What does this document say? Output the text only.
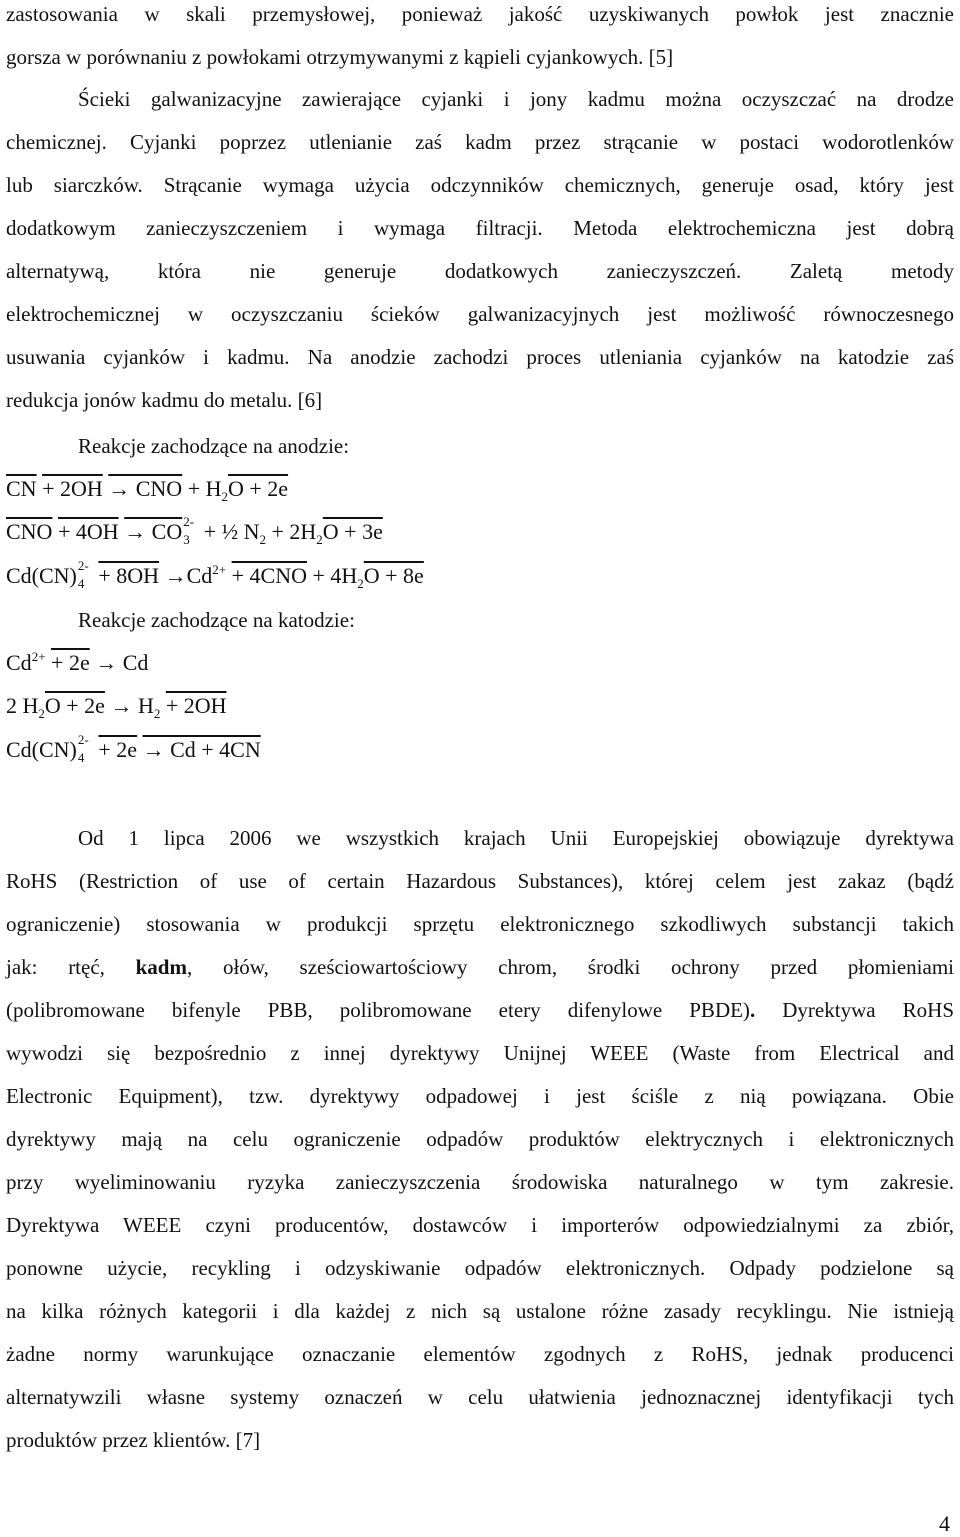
zastosowania w skali przemysłowej, ponieważ jakość uzyskiwanych powłok jest znacznie
gorsza w porównaniu z powłokami otrzymywanymi z kąpieli cyjankowych. [5]
Ścieki galwanizacyjne zawierające cyjanki i jony kadmu można oczyszczać na drodze
chemicznej. Cyjanki poprzez utlenianie zaś kadm przez strącanie w postaci wodorotlenków
lub siarczków. Strącanie wymaga użycia odczynników chemicznych, generuje osad, który jest
dodatkowym zanieczyszczeniem i wymaga filtracji. Metoda elektrochemiczna jest dobrą
alternatywą, która nie generuje dodatkowych zanieczyszczeń. Zaletą metody
elektrochemicznej w oczyszczaniu ścieków galwanizacyjnych jest możliwość równoczesnego
usuwania cyjanków i kadmu. Na anodzie zachodzi proces utleniania cyjanków na katodzie zaś
redukcja jonów kadmu do metalu. [6]
Reakcje zachodzące na anodzie:
$\overline{CN} + 2OH$ → CNO + $H_2O + 2e$
$\overline{CNO} + 4OH$ → CO 3
2- + ½ $N_2 + 2H_2O + 3e$
Cd(CN) 4
$2- + 8OH \to Cd^{2+} + 4CNO + 4H_2O + 8e$
Reakcje zachodzące na katodzie:
$Cd^{2+} + 2e \to Cd$
2 $H_2O + 2e \to H_2 + 2OH$
Cd(CN) 4
2- + 2e → Cd + 4CN
Od 1 lipca 2006 we wszystkich krajach Unii Europejskiej obowiązuje dyrektywa
RoHS (Restriction of use of certain Hazardous Substances), której celem jest zakaz (bądź
ograniczenie) stosowania w produkcji sprzętu elektronicznego szkodliwych substancji takich
jak: rtęć, kadm, ołów, sześciowartościowy chrom, środki ochrony przed płomieniami
(polibromowane bifenyle PBB, polibromowane etery difenylowe PBDE). Dyrektywa RoHS
wywodzi się bezpośrednio z innej dyrektywy Unijnej WEEE (Waste from Electrical and
Electronic Equipment), tzw. dyrektywy odpadowej i jest ściśle z nią powiązana. Obie
dyrektywy mają na celu ograniczenie odpadów produktów elektrycznych i elektronicznych
przy wyeliminowaniu ryzyka zanieczyszczenia środowiska naturalnego w tym zakresie.
Dyrektywa WEEE czyni producentów, dostawców i importerów odpowiedzialnymi za zbiór,
ponowne użycie, recykling i odzyskiwanie odpadów elektronicznych. Odpady podzielone są
na kilka różnych kategorii i dla każdej z nich są ustalone różne zasady recyklingu. Nie istnieją
żadne normy warunkujące oznaczanie elementów zgodnych z RoHS, jednak producenci
alternatywzili własne systemy oznaczeń w celu ułatwienia jednoznacznej identyfikacji tych
produktów przez klientów. [7]
4
